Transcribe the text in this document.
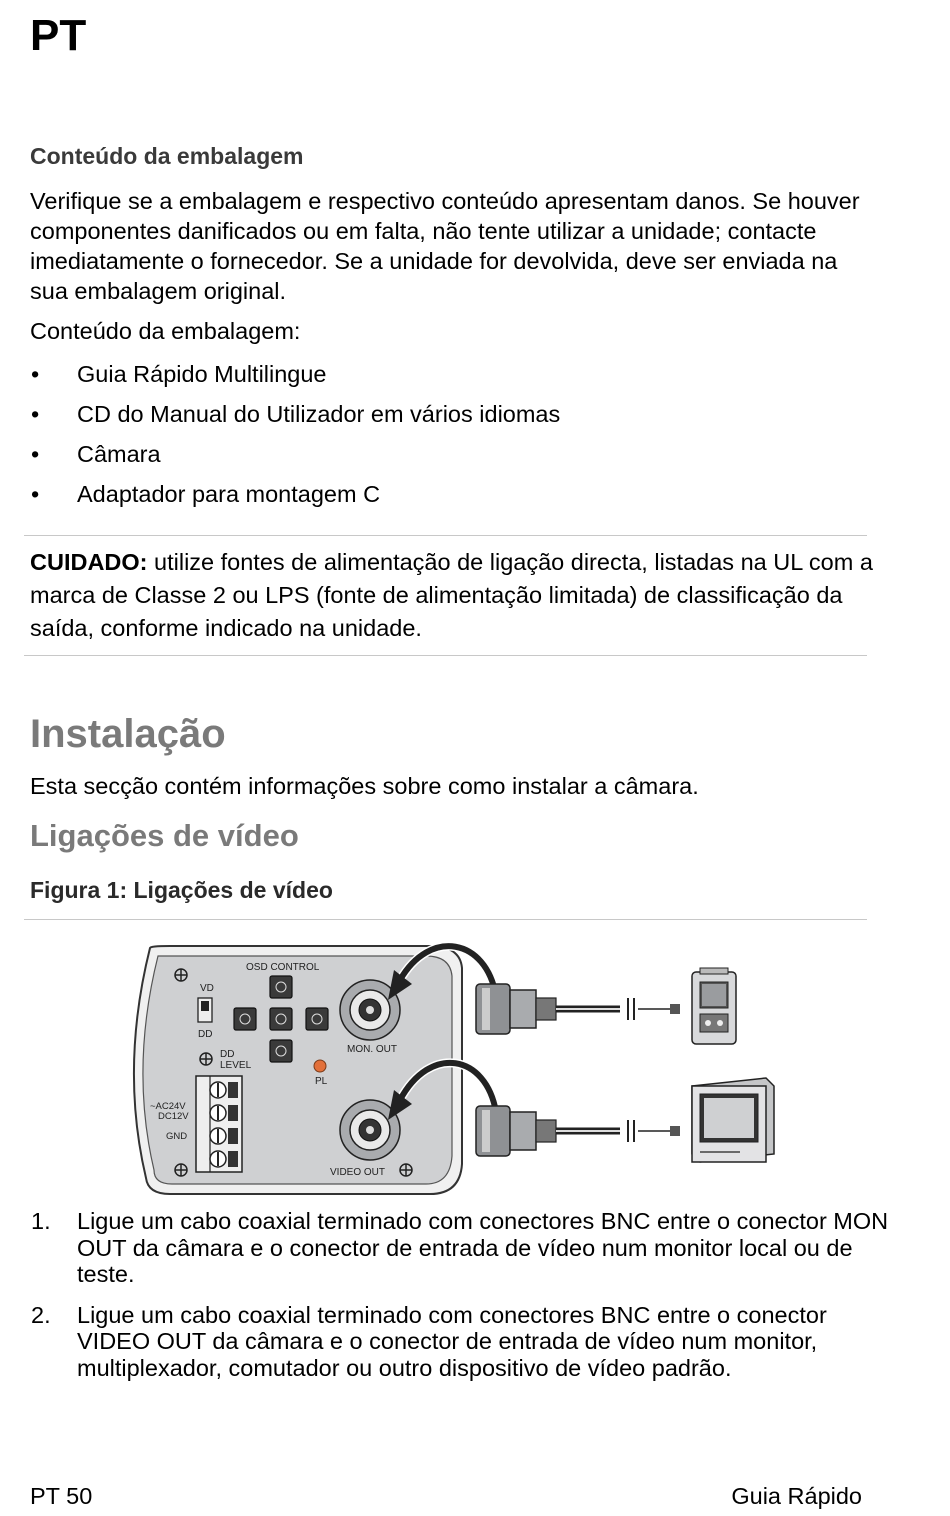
PT
Conteúdo da embalagem

Verifique se a embalagem e respectivo conteúdo apresentam danos. Se houver componentes danificados ou em falta, não tente utilizar a unidade; contacte imediatamente o fornecedor. Se a unidade for devolvida, deve ser enviada na sua embalagem original.

Conteúdo da embalagem:
• Guia Rápido Multilingue
• CD do Manual do Utilizador em vários idiomas
• Câmara
• Adaptador para montagem C

CUIDADO: utilize fontes de alimentação de ligação directa, listadas na UL com a marca de Classe 2 ou LPS (fonte de alimentação limitada) de classificação da saída, conforme indicado na unidade.

Instalação
Esta secção contém informações sobre como instalar a câmara.
Ligações de vídeo
Figura 1: Ligações de vídeo
VD
DD
DD
LEVEL
OSD CONTROL
PL
MON. OUT
VIDEO OUT
~AC24V
DC12V
GND
1. Ligue um cabo coaxial terminado com conectores BNC entre o conector MON OUT da câmara e o conector de entrada de vídeo num monitor local ou de teste.
2. Ligue um cabo coaxial terminado com conectores BNC entre o conector VIDEO OUT da câmara e o conector de entrada de vídeo num monitor, multiplexador, comutador ou outro dispositivo de vídeo padrão.
PT 50	Guia Rápido
